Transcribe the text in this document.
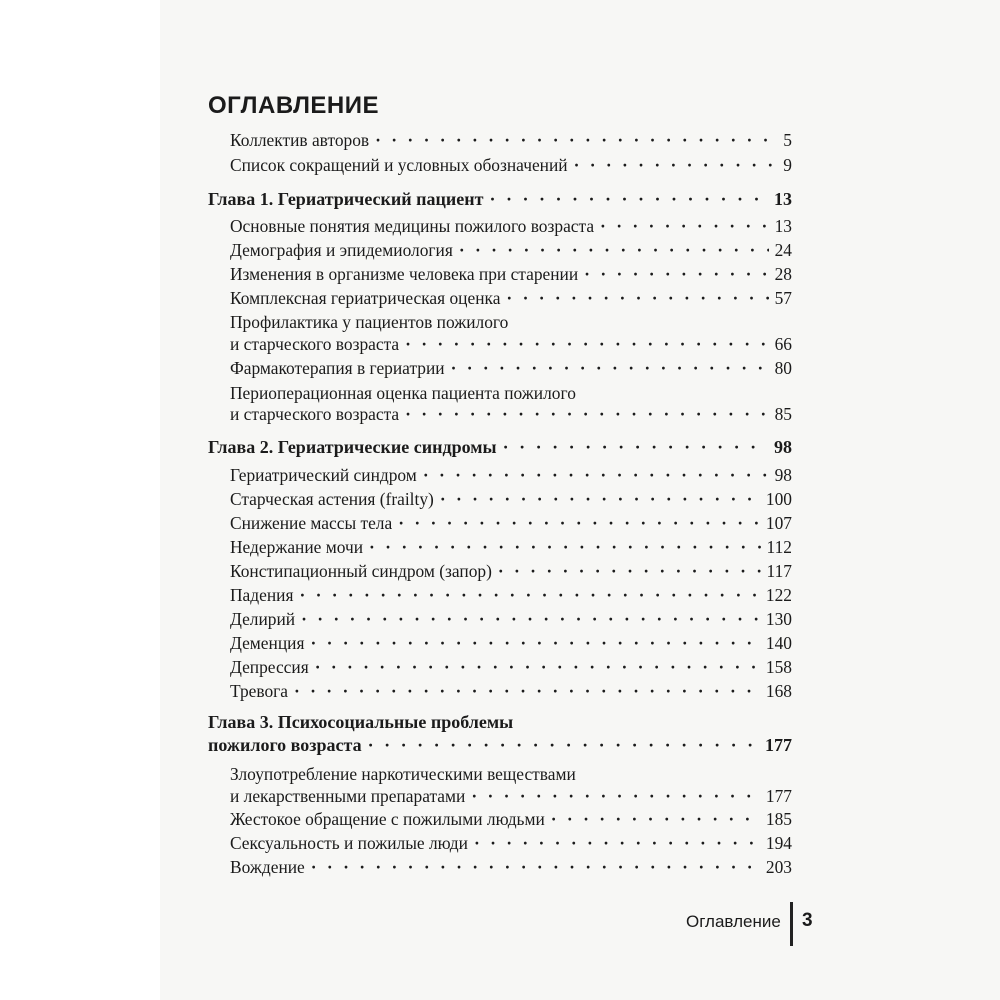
ОГЛАВЛЕНИЕ
Коллектив авторов · · ·	5
Список сокращений и условных обозначений · · ·	9
Глава 1. Гериатрический пациент · · ·	13
Основные понятия медицины пожилого возраста · · ·	13
Демография и эпидемиология · · ·	24
Изменения в организме человека при старении · · ·	28
Комплексная гериатрическая оценка · · ·	57
Профилактика у пациентов пожилого
и старческого возраста · · ·	66
Фармакотерапия в гериатрии · · ·	80
Периоперационная оценка пациента пожилого
и старческого возраста · · ·	85
Глава 2. Гериатрические синдромы · · ·	98
Гериатрический синдром · · ·	98
Старческая астения (frailty) · · ·	100
Снижение массы тела · · ·	107
Недержание мочи · · ·	112
Констипационный синдром (запор) · · ·	117
Падения · · ·	122
Делирий · · ·	130
Деменция · · ·	140
Депрессия · · ·	158
Тревога · · ·	168
Глава 3. Психосоциальные проблемы
пожилого возраста · · ·	177
Злоупотребление наркотическими веществами
и лекарственными препаратами · · ·	177
Жестокое обращение с пожилыми людьми · · ·	185
Сексуальность и пожилые люди · · ·	194
Вождение · · ·	203
Оглавление 3
